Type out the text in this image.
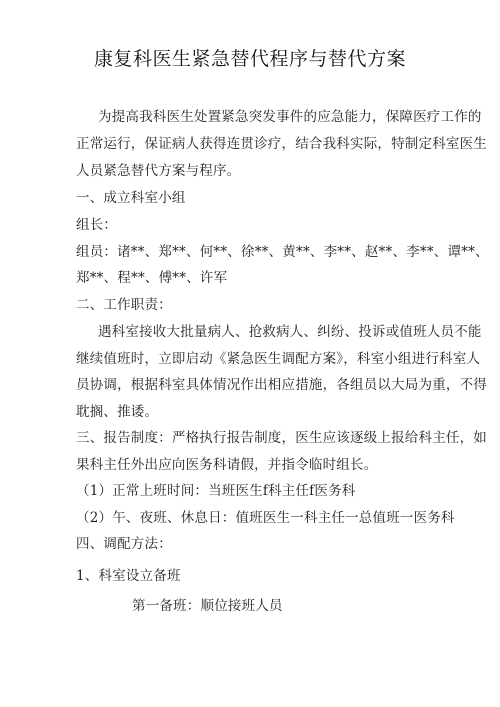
康复科医生紧急替代程序与替代方案
为提高我科医生处置紧急突发事件的应急能力，保障医疗工作的
正常运行，保证病人获得连贯诊疗，结合我科实际，特制定科室医生
人员紧急替代方案与程序。
一、成立科室小组
组长：
组员：诸**、郑**、何**、徐**、黄**、李**、赵**、李**、谭**、
郑**、程**、傅**、许军
二、工作职责：
遇科室接收大批量病人、抢救病人、纠纷、投诉或值班人员不能
继续值班时，立即启动《紧急医生调配方案》，科室小组进行科室人
员协调，根据科室具体情况作出相应措施，各组员以大局为重，不得
耽搁、推诿。
三、报告制度：严格执行报告制度，医生应该逐级上报给科主任，如
果科主任外出应向医务科请假，并指令临时组长。
（1）正常上班时间：当班医生f科主任f医务科
（2）午、夜班、休息日：值班医生一科主任一总值班一医务科
四、调配方法：
1、科室设立备班
第一备班：顺位接班人员
